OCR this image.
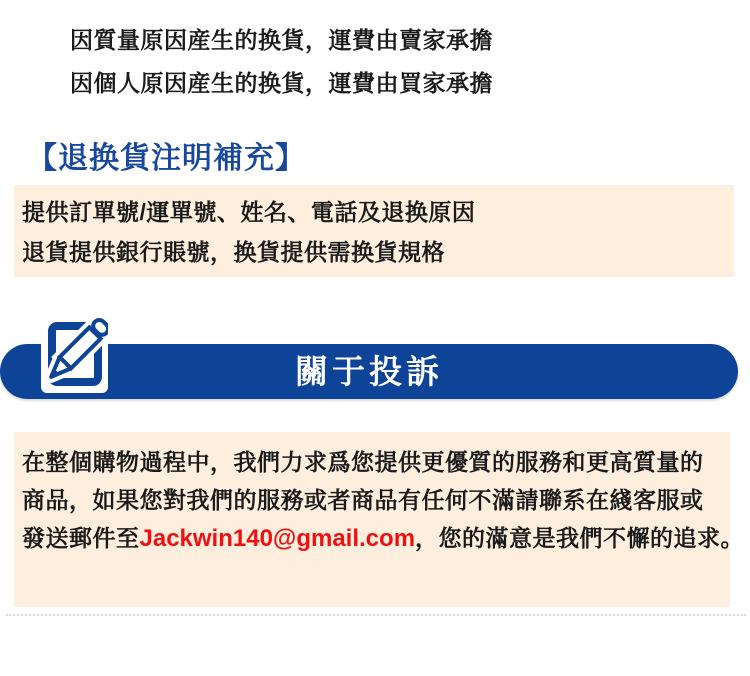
因質量原因産生的换貨，運費由賣家承擔
因個人原因産生的换貨，運費由買家承擔
【退换貨注明補充】
提供訂單號/運單號、姓名、電話及退换原因
退貨提供銀行賬號，换貨提供需换貨規格
關于投訴
在整個購物過程中，我們力求爲您提供更優質的服務和更高質量的
商品，如果您對我們的服務或者商品有任何不滿請聯系在綫客服或
發送郵件至Jackwin140@gmail.com，您的滿意是我們不懈的追求。
